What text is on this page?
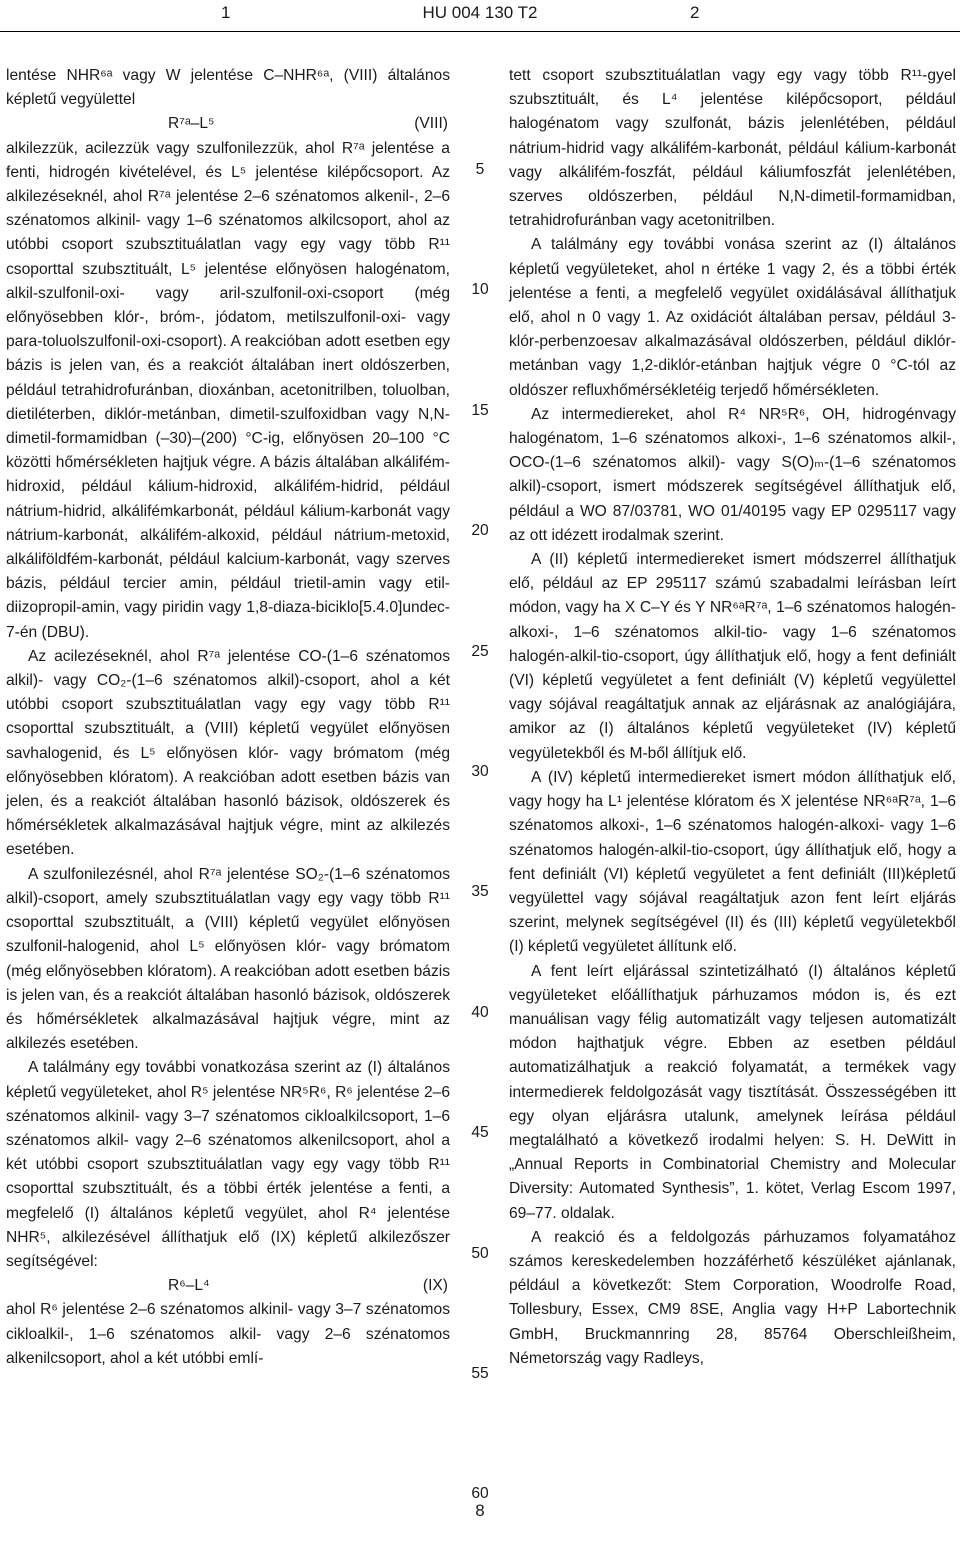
1	HU 004 130 T2	2

lentése NHR⁶ᵃ vagy W jelentése C–NHR⁶ᵃ, (VIII) általános képletű vegyülettel

R⁷ᵃ–L⁵	(VIII)

alkilezzük, acilezzük vagy szulfonilezzük, ahol R⁷ᵃ jelentése a fenti, hidrogén kivételével, és L⁵ jelentése kilépőcsoport. Az alkilezéseknél, ahol R⁷ᵃ jelentése 2–6 szénatomos alkenil-, 2–6 szénatomos alkinil- vagy 1–6 szénatomos alkilcsoport, ahol az utóbbi csoport szubsztituálatlan vagy egy vagy több R¹¹ csoporttal szubsztituált, L⁵ jelentése előnyösen halogénatom, alkil-szulfonil-oxi- vagy aril-szulfonil-oxi-csoport (még előnyösebben klór-, bróm-, jódatom, metilszulfonil-oxi- vagy para-toluolszulfonil-oxi-csoport). A reakcióban adott esetben egy bázis is jelen van, és a reakciót általában inert oldószerben, például tetrahidrofuránban, dioxánban, acetonitrilben, toluolban, dietiléterben, diklór-metánban, dimetil-szulfoxidban vagy N,N-dimetil-formamidban (–30)–(200) °C-ig, előnyösen 20–100 °C közötti hőmérsékleten hajtjuk végre. A bázis általában alkálifém-hidroxid, például kálium-hidroxid, alkálifém-hidrid, például nátrium-hidrid, alkálifémkarbonát, például kálium-karbonát vagy nátrium-karbonát, alkálifém-alkoxid, például nátrium-metoxid, alkáliföldfém-karbonát, például kalcium-karbonát, vagy szerves bázis, például tercier amin, például trietil-amin vagy etil-diizopropil-amin, vagy piridin vagy 1,8-diaza-biciklo[5.4.0]undec-7-én (DBU).

Az acilezéseknél, ahol R⁷ᵃ jelentése CO-(1–6 szénatomos alkil)- vagy CO₂-(1–6 szénatomos alkil)-csoport, ahol a két utóbbi csoport szubsztituálatlan vagy egy vagy több R¹¹ csoporttal szubsztituált, a (VIII) képletű vegyület előnyösen savhalogenid, és L⁵ előnyösen klór- vagy brómatom (még előnyösebben klóratom). A reakcióban adott esetben bázis van jelen, és a reakciót általában hasonló bázisok, oldószerek és hőmérsékletek alkalmazásával hajtjuk végre, mint az alkilezés esetében.

A szulfonilezésnél, ahol R⁷ᵃ jelentése SO₂-(1–6 szénatomos alkil)-csoport, amely szubsztituálatlan vagy egy vagy több R¹¹ csoporttal szubsztituált, a (VIII) képletű vegyület előnyösen szulfonil-halogenid, ahol L⁵ előnyösen klór- vagy brómatom (még előnyösebben klóratom). A reakcióban adott esetben bázis is jelen van, és a reakciót általában hasonló bázisok, oldószerek és hőmérsékletek alkalmazásával hajtjuk végre, mint az alkilezés esetében.

A találmány egy további vonatkozása szerint az (I) általános képletű vegyületeket, ahol R⁵ jelentése NR⁵R⁶, R⁶ jelentése 2–6 szénatomos alkinil- vagy 3–7 szénatomos cikloalkilcsoport, 1–6 szénatomos alkil- vagy 2–6 szénatomos alkenilcsoport, ahol a két utóbbi csoport szubsztituálatlan vagy egy vagy több R¹¹ csoporttal szubsztituált, és a többi érték jelentése a fenti, a megfelelő (I) általános képletű vegyület, ahol R⁴ jelentése NHR⁵, alkilezésével állíthatjuk elő (IX) képletű alkilezőszer segítségével:

R⁶–L⁴	(IX)

ahol R⁶ jelentése 2–6 szénatomos alkinil- vagy 3–7 szénatomos cikloalkil-, 1–6 szénatomos alkil- vagy 2–6 szénatomos alkenilcsoport, ahol a két utóbbi emlí-

5
10
15
20
25
30
35
40
45
50
55
60

tett csoport szubsztituálatlan vagy egy vagy több R¹¹-gyel szubsztituált, és L⁴ jelentése kilépőcsoport, például halogénatom vagy szulfonát, bázis jelenlétében, például nátrium-hidrid vagy alkálifém-karbonát, például kálium-karbonát vagy alkálifém-foszfát, például káliumfoszfát jelenlétében, szerves oldószerben, például N,N-dimetil-formamidban, tetrahidrofuránban vagy acetonitrilben.

A találmány egy további vonása szerint az (I) általános képletű vegyületeket, ahol n értéke 1 vagy 2, és a többi érték jelentése a fenti, a megfelelő vegyület oxidálásával állíthatjuk elő, ahol n 0 vagy 1. Az oxidációt általában persav, például 3-klór-perbenzoesav alkalmazásával oldószerben, például diklór-metánban vagy 1,2-diklór-etánban hajtjuk végre 0 °C-tól az oldószer refluxhőmérsékletéig terjedő hőmérsékleten.

Az intermediereket, ahol R⁴ NR⁵R⁶, OH, hidrogénvagy halogénatom, 1–6 szénatomos alkoxi-, 1–6 szénatomos alkil-, OCO-(1–6 szénatomos alkil)- vagy S(O)ₘ-(1–6 szénatomos alkil)-csoport, ismert módszerek segítségével állíthatjuk elő, például a WO 87/03781, WO 01/40195 vagy EP 0295117 vagy az ott idézett irodalmak szerint.

A (II) képletű intermediereket ismert módszerrel állíthatjuk elő, például az EP 295117 számú szabadalmi leírásban leírt módon, vagy ha X C–Y és Y NR⁶ᵃR⁷ᵃ, 1–6 szénatomos halogén-alkoxi-, 1–6 szénatomos alkil-tio- vagy 1–6 szénatomos halogén-alkil-tio-csoport, úgy állíthatjuk elő, hogy a fent definiált (VI) képletű vegyületet a fent definiált (V) képletű vegyülettel vagy sójával reagáltatjuk annak az eljárásnak az analógiájára, amikor az (I) általános képletű vegyületeket (IV) képletű vegyületekből és M-ből állítjuk elő.

A (IV) képletű intermediereket ismert módon állíthatjuk elő, vagy hogy ha L¹ jelentése klóratom és X jelentése NR⁶ᵃR⁷ᵃ, 1–6 szénatomos alkoxi-, 1–6 szénatomos halogén-alkoxi- vagy 1–6 szénatomos halogén-alkil-tio-csoport, úgy állíthatjuk elő, hogy a fent definiált (VI) képletű vegyületet a fent definiált (III)képletű vegyülettel vagy sójával reagáltatjuk azon fent leírt eljárás szerint, melynek segítségével (II) és (III) képletű vegyületekből (I) képletű vegyületet állítunk elő.

A fent leírt eljárással szintetizálható (I) általános képletű vegyületeket előállíthatjuk párhuzamos módon is, és ezt manuálisan vagy félig automatizált vagy teljesen automatizált módon hajthatjuk végre. Ebben az esetben például automatizálhatjuk a reakció folyamatát, a termékek vagy intermedierek feldolgozását vagy tisztítását. Összességében itt egy olyan eljárásra utalunk, amelynek leírása például megtalálható a következő irodalmi helyen: S. H. DeWitt in „Annual Reports in Combinatorial Chemistry and Molecular Diversity: Automated Synthesis”, 1. kötet, Verlag Escom 1997, 69–77. oldalak.

A reakció és a feldolgozás párhuzamos folyamatához számos kereskedelemben hozzáférhető készüléket ajánlanak, például a következőt: Stem Corporation, Woodrolfe Road, Tollesbury, Essex, CM9 8SE, Anglia vagy H+P Labortechnik GmbH, Bruckmannring 28, 85764 Oberschleißheim, Németország vagy Radleys,

8
